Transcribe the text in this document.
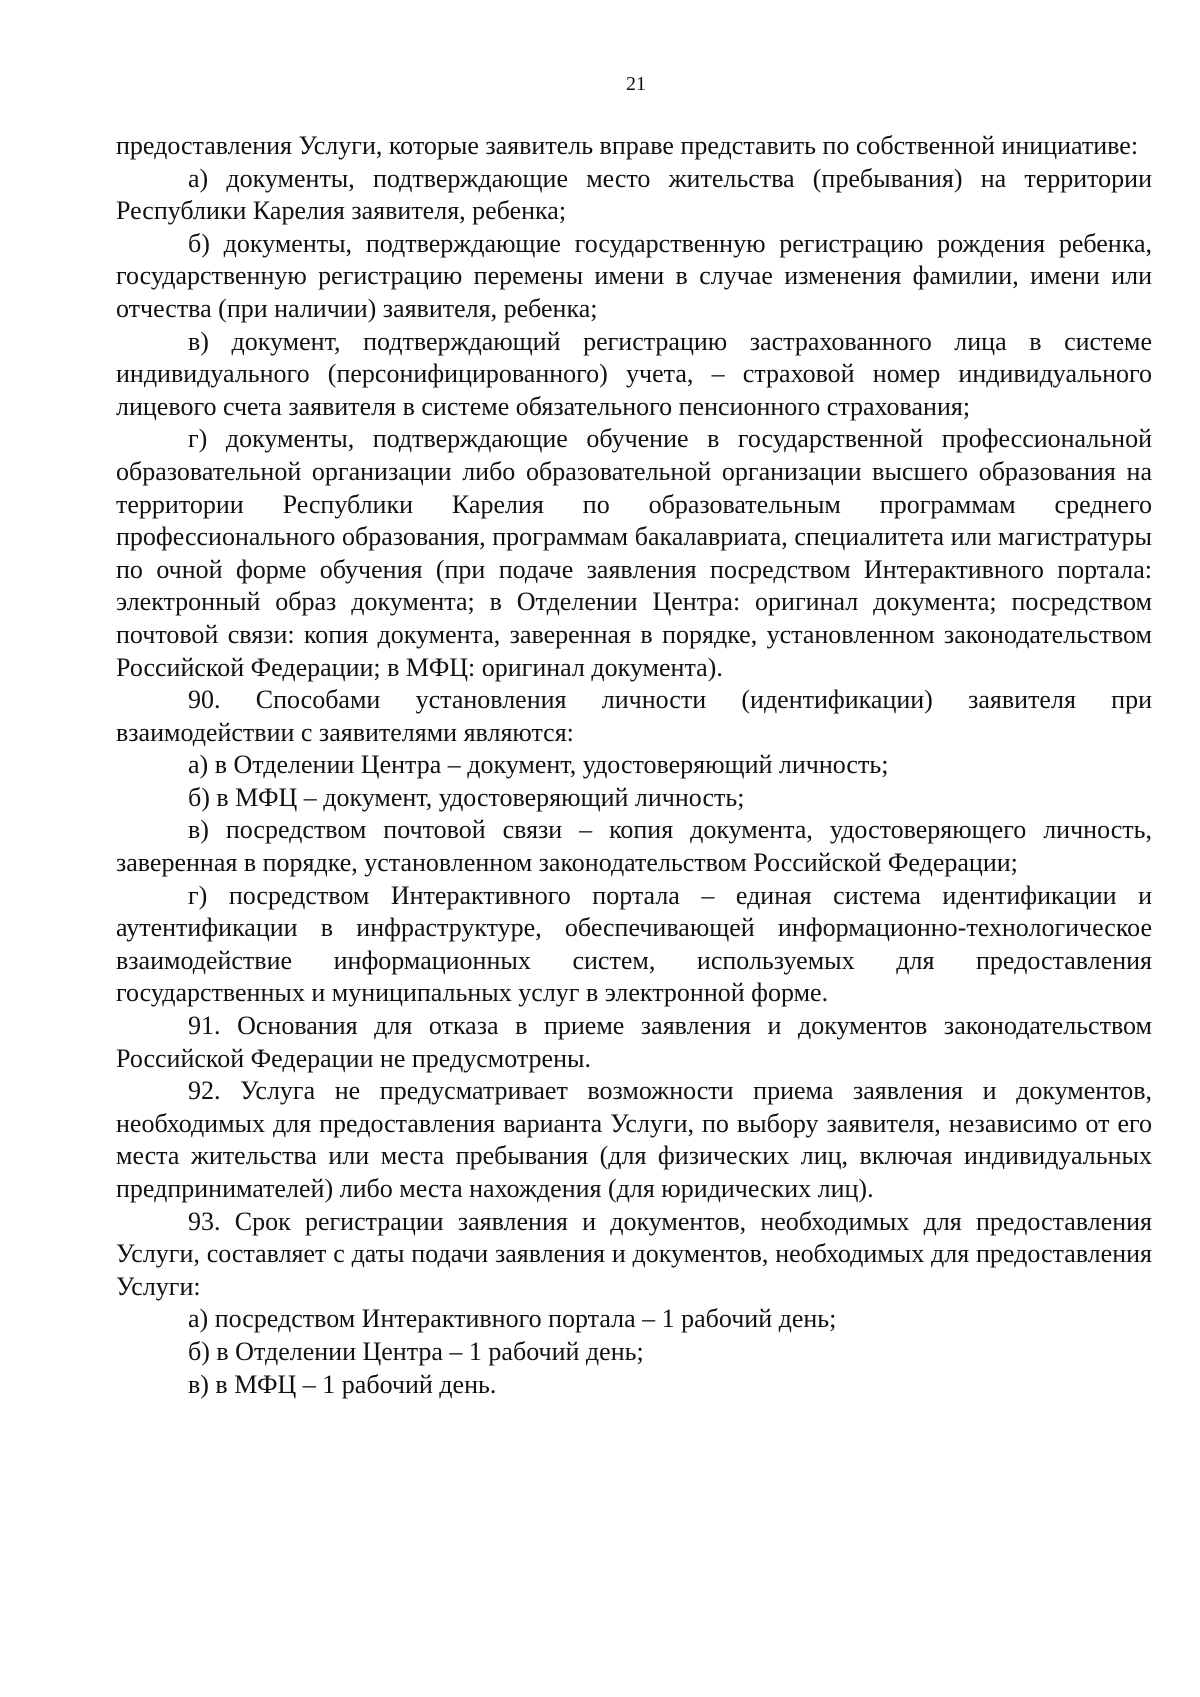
21

предоставления Услуги, которые заявитель вправе представить по собственной инициативе:

а) документы, подтверждающие место жительства (пребывания) на территории Республики Карелия заявителя, ребенка;

б) документы, подтверждающие государственную регистрацию рождения ребенка, государственную регистрацию перемены имени в случае изменения фамилии, имени или отчества (при наличии) заявителя, ребенка;

в) документ, подтверждающий регистрацию застрахованного лица в системе индивидуального (персонифицированного) учета, – страховой номер индивидуального лицевого счета заявителя в системе обязательного пенсионного страхования;

г) документы, подтверждающие обучение в государственной профессиональной образовательной организации либо образовательной организации высшего образования на территории Республики Карелия по образовательным программам среднего профессионального образования, программам бакалавриата, специалитета или магистратуры по очной форме обучения (при подаче заявления посредством Интерактивного портала: электронный образ документа; в Отделении Центра: оригинал документа; посредством почтовой связи: копия документа, заверенная в порядке, установленном законодательством Российской Федерации; в МФЦ: оригинал документа).

90. Способами установления личности (идентификации) заявителя при взаимодействии с заявителями являются:

а) в Отделении Центра – документ, удостоверяющий личность;

б) в МФЦ – документ, удостоверяющий личность;

в) посредством почтовой связи – копия документа, удостоверяющего личность, заверенная в порядке, установленном законодательством Российской Федерации;

г) посредством Интерактивного портала – единая система идентификации и аутентификации в инфраструктуре, обеспечивающей информационно-технологическое взаимодействие информационных систем, используемых для предоставления государственных и муниципальных услуг в электронной форме.

91. Основания для отказа в приеме заявления и документов законодательством Российской Федерации не предусмотрены.

92. Услуга не предусматривает возможности приема заявления и документов, необходимых для предоставления варианта Услуги, по выбору заявителя, независимо от его места жительства или места пребывания (для физических лиц, включая индивидуальных предпринимателей) либо места нахождения (для юридических лиц).

93. Срок регистрации заявления и документов, необходимых для предоставления Услуги, составляет с даты подачи заявления и документов, необходимых для предоставления Услуги:

а) посредством Интерактивного портала – 1 рабочий день;

б) в Отделении Центра – 1 рабочий день;

в) в МФЦ – 1 рабочий день.
